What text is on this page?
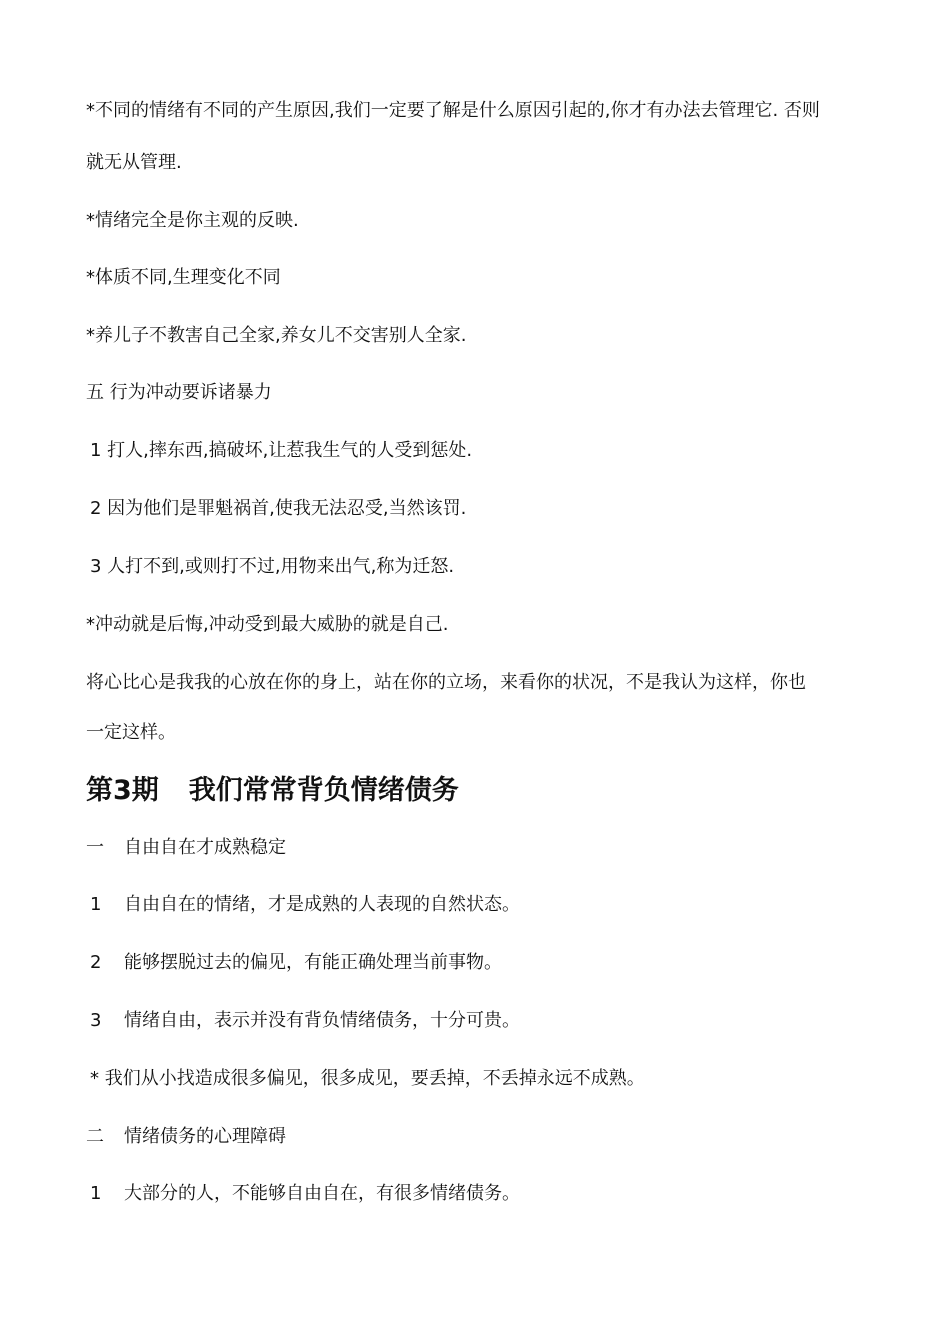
*不同的情绪有不同的产生原因,我们一定要了解是什么原因引起的,你才有办法去管理它. 否则
就无从管理.
*情绪完全是你主观的反映.
*体质不同,生理变化不同
*养儿子不教害自己全家,养女儿不交害别人全家.
五 行为冲动要诉诸暴力
1 打人,摔东西,搞破坏,让惹我生气的人受到惩处.
2 因为他们是罪魁祸首,使我无法忍受,当然该罚.
3 人打不到,或则打不过,用物来出气,称为迁怒.
*冲动就是后悔,冲动受到最大威胁的就是自己.
将心比心是我我的心放在你的身上，站在你的立场，来看你的状况，不是我认为这样，你也
一定这样。
第3期 我们常常背负情绪债务
一 自由自在才成熟稳定
1 自由自在的情绪，才是成熟的人表现的自然状态。
2 能够摆脱过去的偏见，有能正确处理当前事物。
3 情绪自由，表示并没有背负情绪债务，十分可贵。
* 我们从小找造成很多偏见，很多成见，要丢掉，不丢掉永远不成熟。
二 情绪债务的心理障碍
1 大部分的人，不能够自由自在，有很多情绪债务。
